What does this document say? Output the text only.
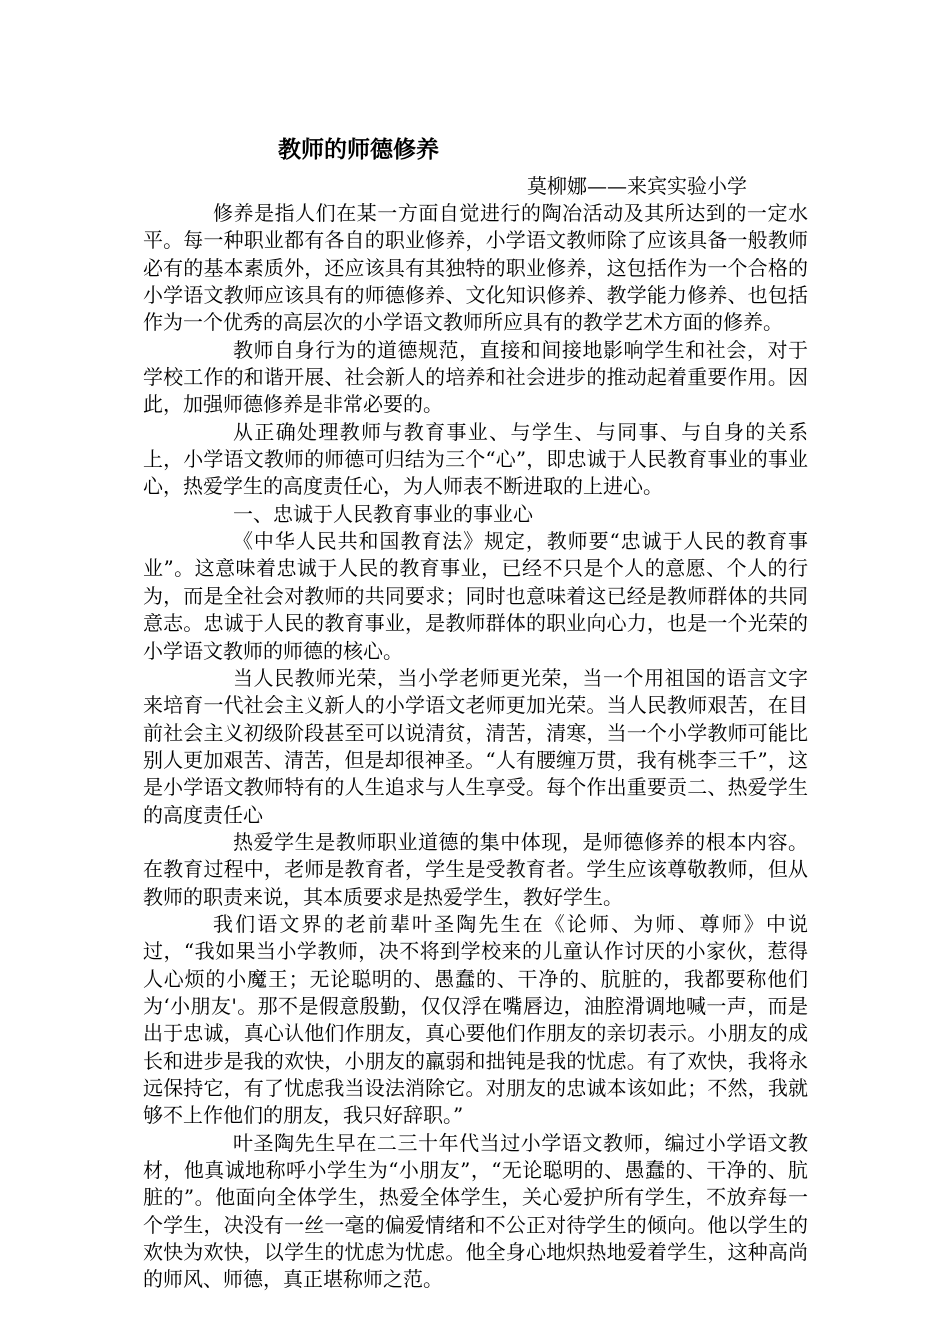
教师的师德修养

莫柳娜——来宾实验小学

修养是指人们在某一方面自觉进行的陶冶活动及其所达到的一定水平。每一种职业都有各自的职业修养，小学语文教师除了应该具备一般教师必有的基本素质外，还应该具有其独特的职业修养，这包括作为一个合格的小学语文教师应该具有的师德修养、文化知识修养、教学能力修养、也包括作为一个优秀的高层次的小学语文教师所应具有的教学艺术方面的修养。

教师自身行为的道德规范，直接和间接地影响学生和社会，对于学校工作的和谐开展、社会新人的培养和社会进步的推动起着重要作用。因此，加强师德修养是非常必要的。

从正确处理教师与教育事业、与学生、与同事、与自身的关系上，小学语文教师的师德可归结为三个“心”，即忠诚于人民教育事业的事业心，热爱学生的高度责任心，为人师表不断进取的上进心。

一、忠诚于人民教育事业的事业心

《中华人民共和国教育法》规定，教师要“忠诚于人民的教育事业”。这意味着忠诚于人民的教育事业，已经不只是个人的意愿、个人的行为，而是全社会对教师的共同要求；同时也意味着这已经是教师群体的共同意志。忠诚于人民的教育事业，是教师群体的职业向心力，也是一个光荣的小学语文教师的师德的核心。

当人民教师光荣，当小学老师更光荣，当一个用祖国的语言文字来培育一代社会主义新人的小学语文老师更加光荣。当人民教师艰苦，在目前社会主义初级阶段甚至可以说清贫，清苦，清寒，当一个小学教师可能比别人更加艰苦、清苦，但是却很神圣。“人有腰缠万贯，我有桃李三千”，这是小学语文教师特有的人生追求与人生享受。每个作出重要贡二、热爱学生的高度责任心

热爱学生是教师职业道德的集中体现，是师德修养的根本内容。在教育过程中，老师是教育者，学生是受教育者。学生应该尊敬教师，但从教师的职责来说，其本质要求是热爱学生，教好学生。

我们语文界的老前辈叶圣陶先生在《论师、为师、尊师》中说过，“我如果当小学教师，决不将到学校来的儿童认作讨厌的小家伙，惹得人心烦的小魔王；无论聪明的、愚蠢的、干净的、肮脏的，我都要称他们为‘小朋友'。那不是假意殷勤，仅仅浮在嘴唇边，油腔滑调地喊一声，而是出于忠诚，真心认他们作朋友，真心要他们作朋友的亲切表示。小朋友的成长和进步是我的欢快，小朋友的羸弱和拙钝是我的忧虑。有了欢快，我将永远保持它，有了忧虑我当设法消除它。对朋友的忠诚本该如此；不然，我就够不上作他们的朋友，我只好辞职。”

叶圣陶先生早在二三十年代当过小学语文教师，编过小学语文教材，他真诚地称呼小学生为“小朋友”，“无论聪明的、愚蠢的、干净的、肮脏的”。他面向全体学生，热爱全体学生，关心爱护所有学生，不放弃每一个学生，决没有一丝一毫的偏爱情绪和不公正对待学生的倾向。他以学生的欢快为欢快，以学生的忧虑为忧虑。他全身心地炽热地爱着学生，这种高尚的师风、师德，真正堪称师之范。
